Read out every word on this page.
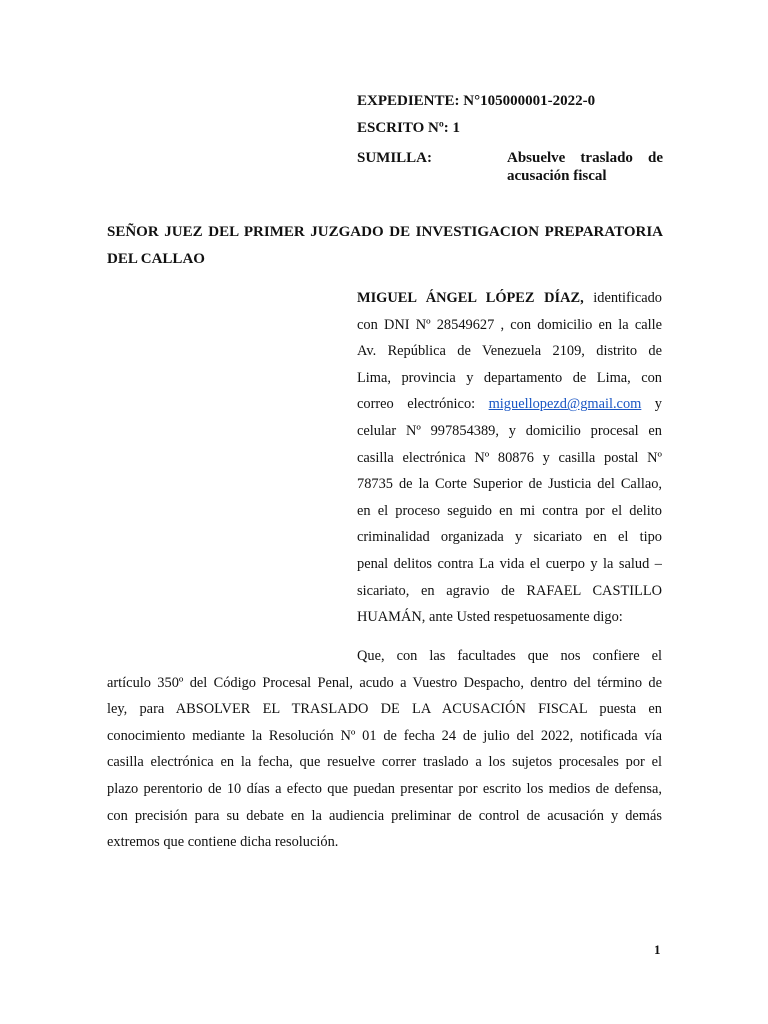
EXPEDIENTE: N°105000001-2022-0
ESCRITO Nº: 1
SUMILLA:	Absuelve traslado de
acusación fiscal
SEÑOR JUEZ DEL PRIMER JUZGADO DE INVESTIGACION PREPARATORIA
DEL CALLAO
MIGUEL ÁNGEL LÓPEZ DÍAZ, identificado
con DNI Nº 28549627 , con domicilio en la calle
Av. República de Venezuela 2109, distrito de
Lima, provincia y departamento de Lima, con
correo electrónico: miguellopezd@gmail.com y
celular Nº 997854389, y domicilio procesal en
casilla electrónica Nº 80876 y casilla postal Nº
78735 de la Corte Superior de Justicia del Callao,
en el proceso seguido en mi contra por el delito
criminalidad organizada y sicariato en el tipo
penal delitos contra La vida el cuerpo y la salud –
sicariato, en agravio de RAFAEL CASTILLO
HUAMÁN, ante Usted respetuosamente digo:
Que, con las facultades que nos confiere el
artículo 350º del Código Procesal Penal, acudo a Vuestro Despacho, dentro del término de
ley, para ABSOLVER EL TRASLADO DE LA ACUSACIÓN FISCAL puesta en
conocimiento mediante la Resolución Nº 01 de fecha 24 de julio del 2022, notificada vía
casilla electrónica en la fecha, que resuelve correr traslado a los sujetos procesales por el
plazo perentorio de 10 días a efecto que puedan presentar por escrito los medios de defensa,
con precisión para su debate en la audiencia preliminar de control de acusación y demás
extremos que contiene dicha resolución.
1
